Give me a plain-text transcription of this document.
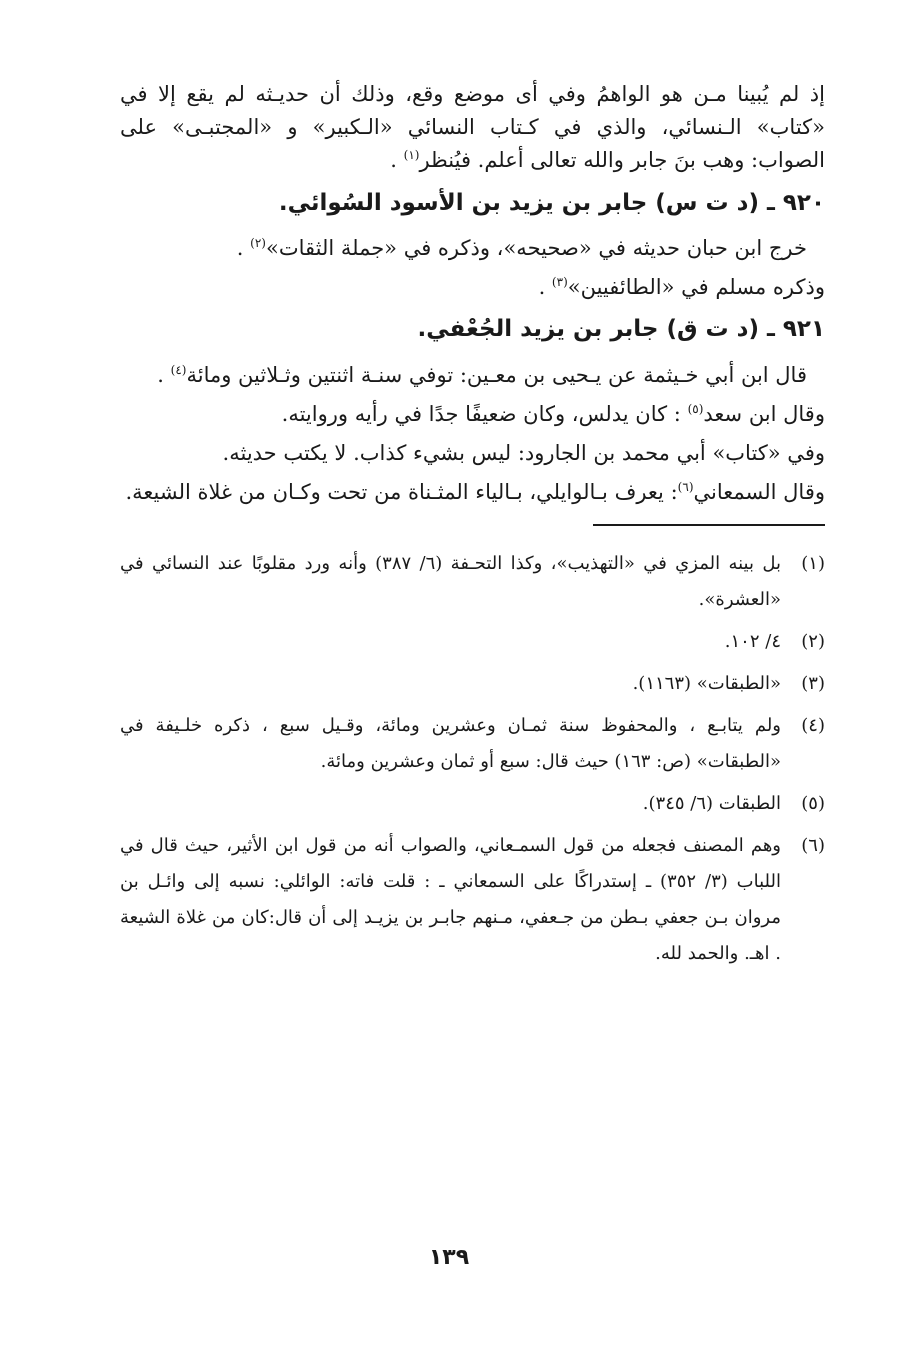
إذ لم يُبينا مـن هو الواهمُ وفي أى موضع وقع، وذلك أن حديـثه لم يقع إلا في «كتاب» الـنسائي، والذي في كـتاب النسائي «الـكبير» و «المجتبـى» على الصواب: وهب بنَ جابر والله تعالى أعلم. فيُنظر$^{(١)}$ .

٩٢٠ ـ (د ت س) جابر بن يزيد بن الأسود السُوائي.

خرج ابن حبان حديثه في «صحيحه»، وذكره في «جملة الثقات»$^{(٢)}$ .

وذكره مسلم في «الطائفيين»$^{(٣)}$ .

٩٢١ ـ (د ت ق) جابر بن يزيد الجُعْفي.

قال ابن أبي خـيثمة عن يـحيى بن معـين: توفي سنـة اثنتين وثـلاثين ومائة$^{(٤)}$ .

وقال ابن سعد$^{(٥)}$ : كان يدلس، وكان ضعيفًا جدًا في رأيه وروايته.

وفي «كتاب» أبي محمد بن الجارود: ليس بشيء كذاب. لا يكتب حديثه.

وقال السمعاني$^{(٦)}$: يعرف بـالوايلي، بـالياء المثـناة من تحت وكـان من غلاة الشيعة.

(١)
بل بينه المزي في «التهذيب»، وكذا التحـفة (٦/ ٣٨٧) وأنه ورد مقلوبًا عند النسائي في «العشرة».
(٢)
٤/ ١٠٢.
(٣)
«الطبقات» (١١٦٣).
(٤)
ولم يتابـع ، والمحفوظ سنة ثمـان وعشرين ومائة، وقـيل سبع ، ذكره خلـيفة في «الطبقات» (ص: ١٦٣) حيث قال: سبع أو ثمان وعشرين ومائة.
(٥)
الطبقات (٦/ ٣٤٥).
(٦)
وهم المصنف فجعله من قول السمـعاني، والصواب أنه من قول ابن الأثير، حيث قال في اللباب (٣/ ٣٥٢) ـ إستدراكًا على السمعاني ـ : قلت فاته: الوائلي: نسبه إلى وائـل بن مروان بـن جعفي بـطن من جـعفي، مـنهم جابـر بن يزيـد إلى أن قال:كان من غلاة الشيعة . اهـ. والحمد لله.
١٣٩
